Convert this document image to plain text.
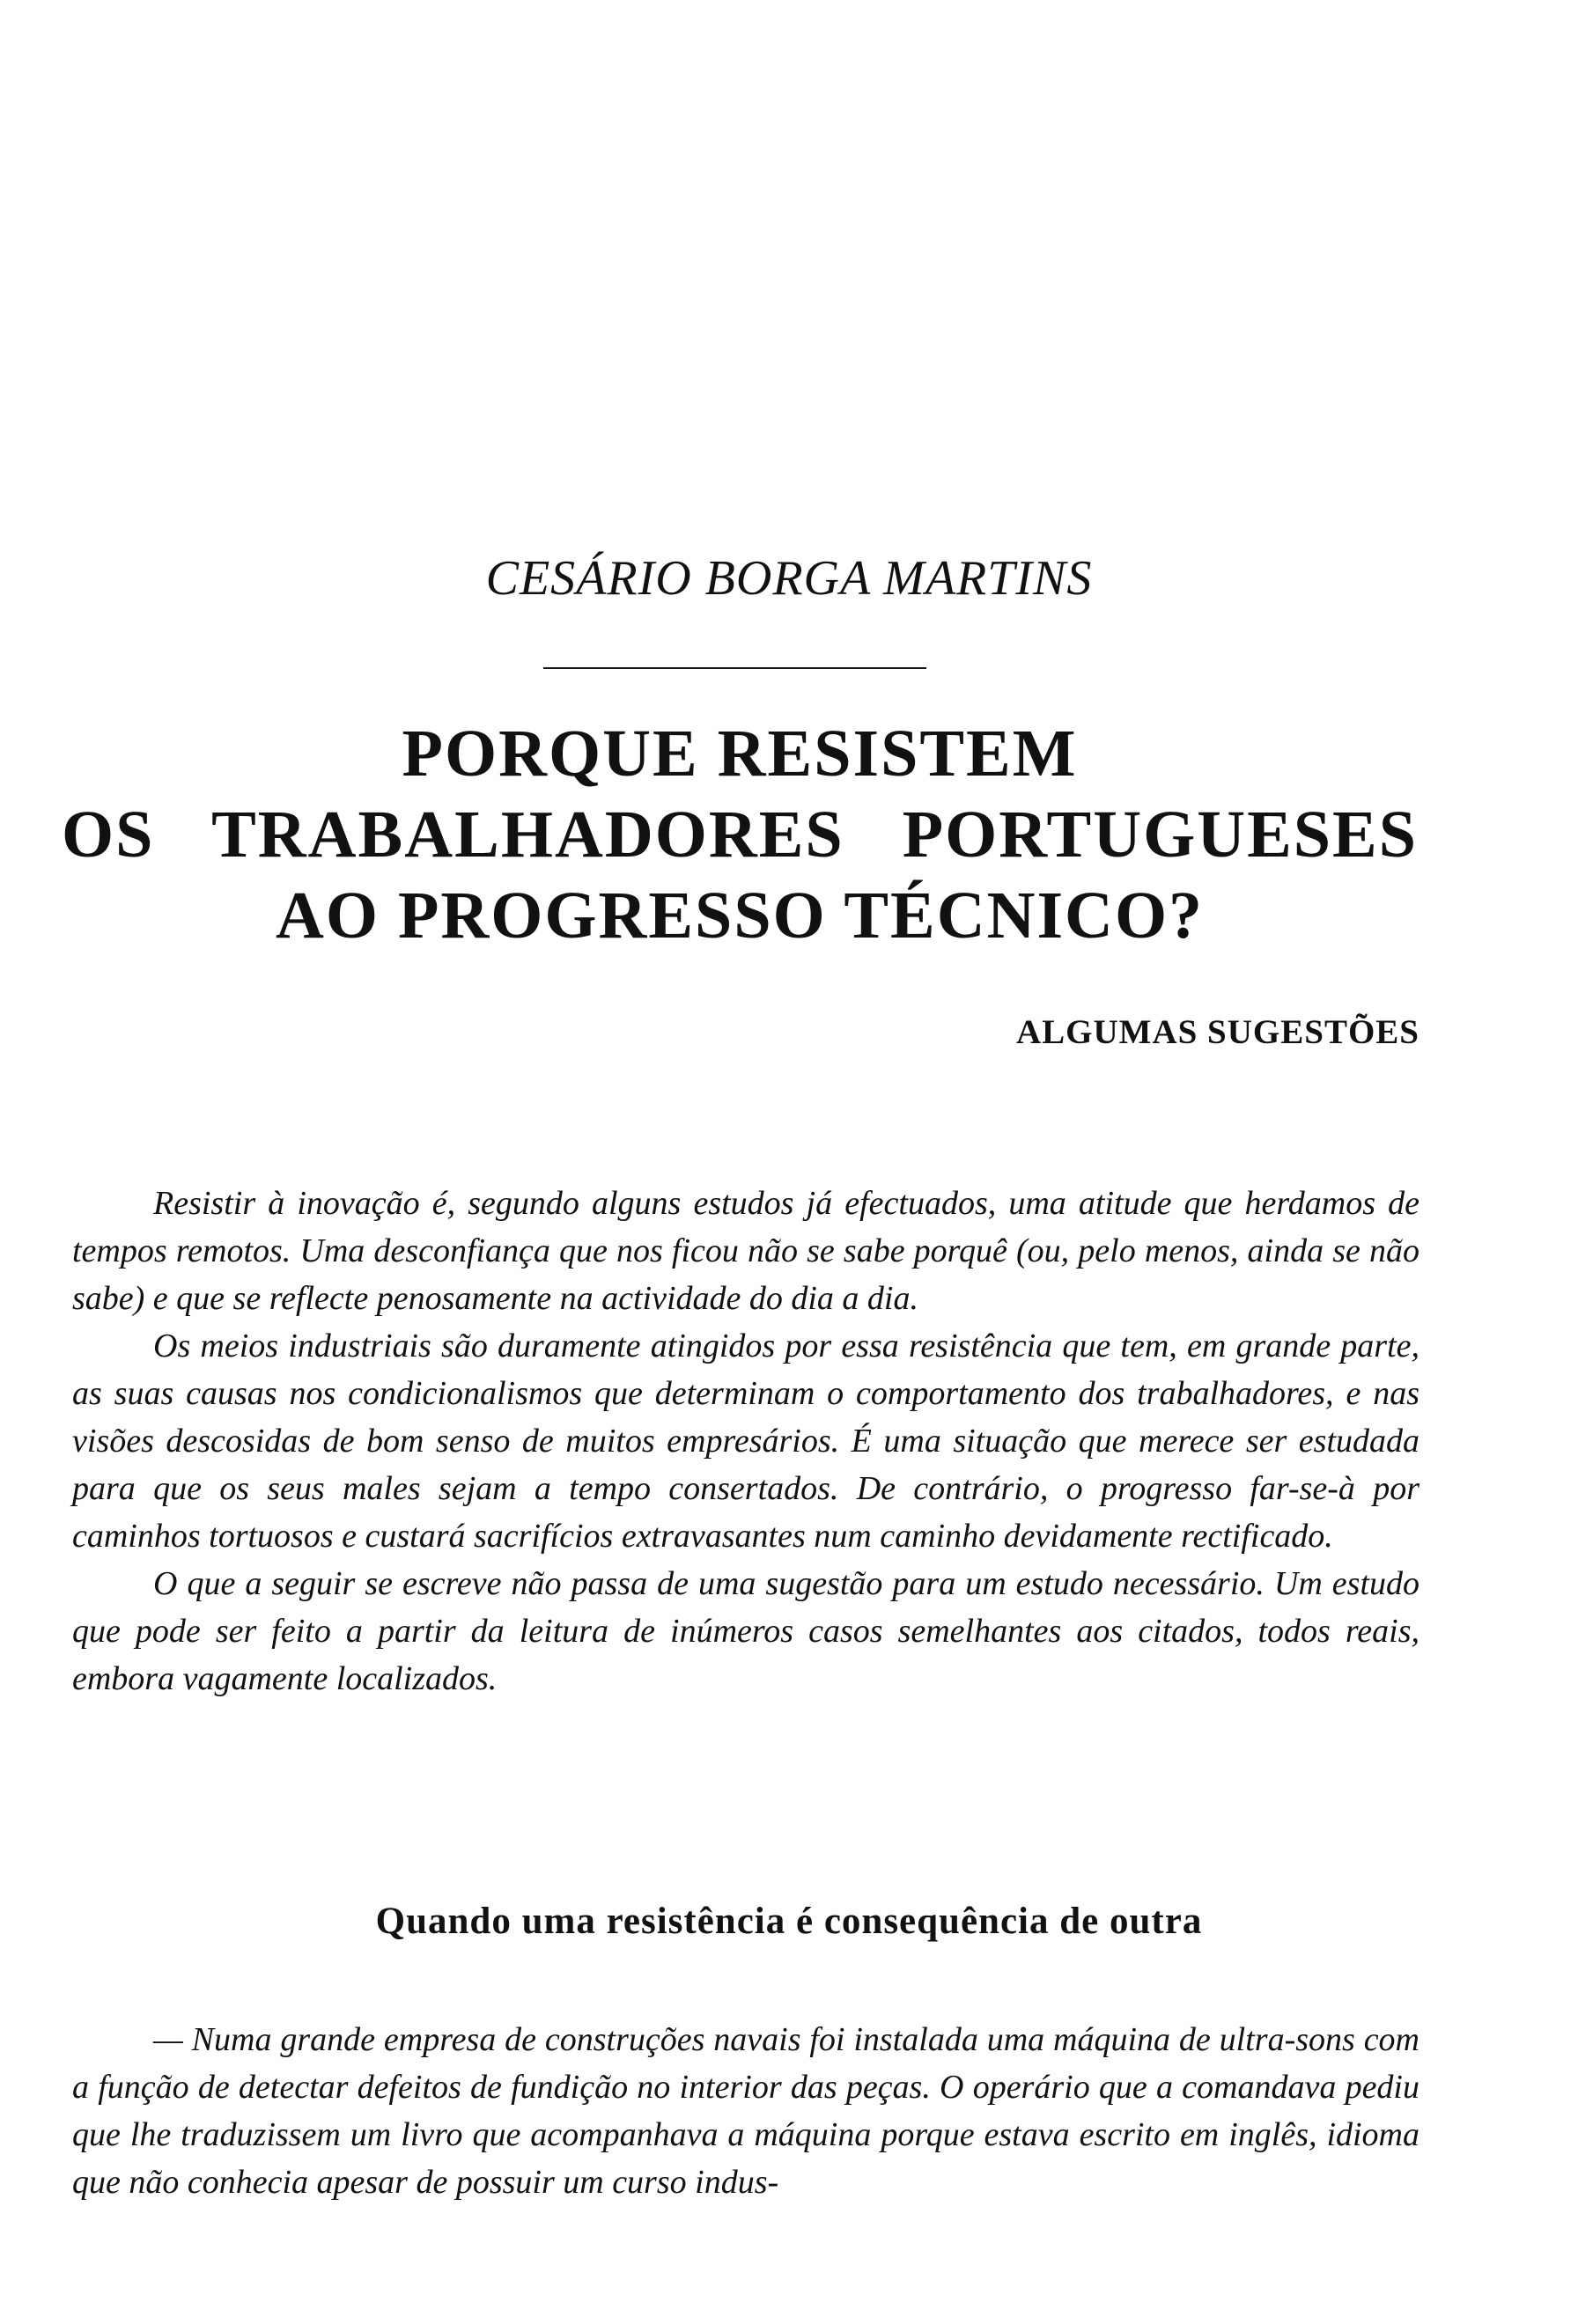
CESÁRIO BORGA MARTINS
PORQUE RESISTEM
OS TRABALHADORES PORTUGUESES
AO PROGRESSO TÉCNICO?
ALGUMAS SUGESTÕES

Resistir à inovação é, segundo alguns estudos já efectuados, uma atitude que herdamos de tempos remotos. Uma desconfiança que nos ficou não se sabe porquê (ou, pelo menos, ainda se não sabe) e que se reflecte penosamente na actividade do dia a dia.

Os meios industriais são duramente atingidos por essa resistência que tem, em grande parte, as suas causas nos condicionalismos que determinam o comportamento dos trabalhadores, e nas visões descosidas de bom senso de muitos empresários. É uma situação que merece ser estudada para que os seus males sejam a tempo consertados. De contrário, o progresso far-se-à por caminhos tortuosos e custará sacrifícios extravasantes num caminho devidamente rectificado.

O que a seguir se escreve não passa de uma sugestão para um estudo necessário. Um estudo que pode ser feito a partir da leitura de inúmeros casos semelhantes aos citados, todos reais, embora vagamente localizados.

Quando uma resistência é consequência de outra

— Numa grande empresa de construções navais foi instalada uma máquina de ultra-sons com a função de detectar defeitos de fundição no interior das peças. O operário que a comandava pediu que lhe traduzissem um livro que acompanhava a máquina porque estava escrito em inglês, idioma que não conhecia apesar de possuir um curso indus-
